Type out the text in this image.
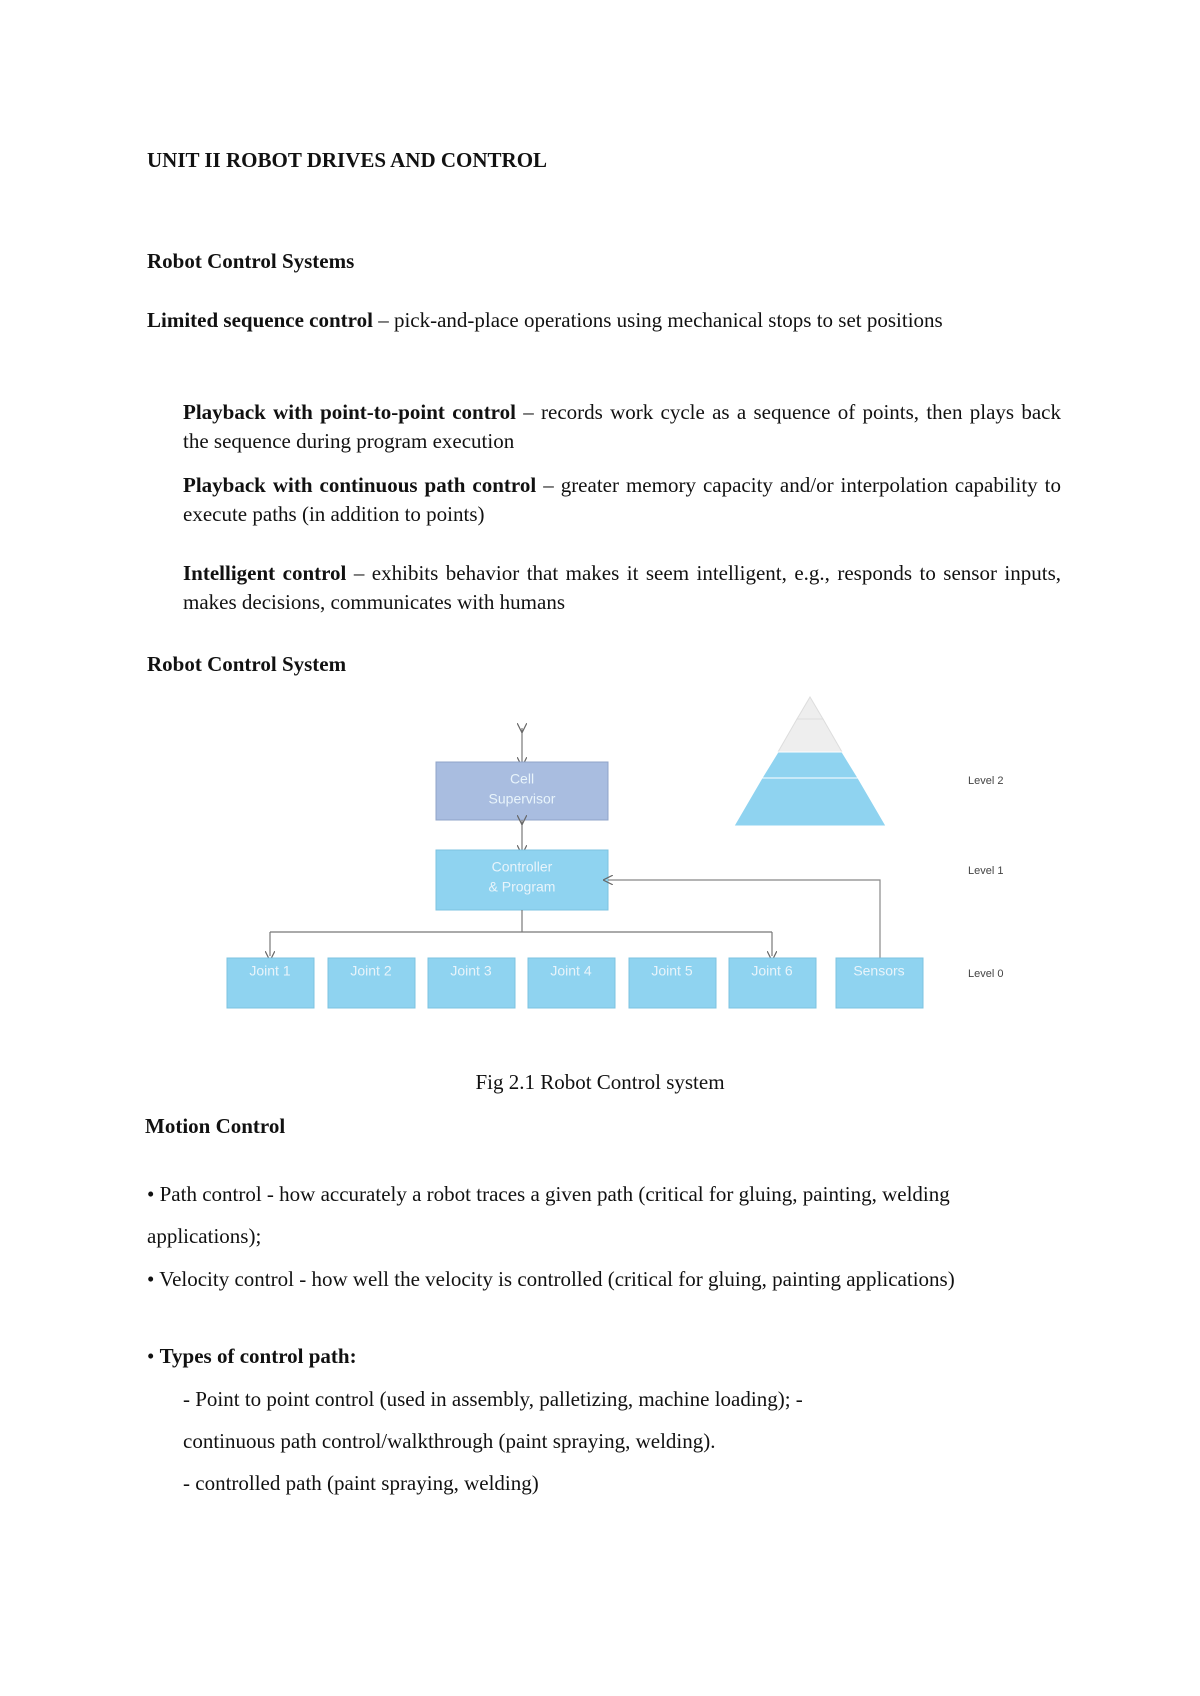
UNIT II ROBOT DRIVES AND CONTROL
Robot Control Systems

Limited sequence control – pick-and-place operations using mechanical stops to set positions

Playback with point-to-point control – records work cycle as a sequence of points, then plays back the sequence during program execution

Playback with continuous path control – greater memory capacity and/or interpolation capability to execute paths (in addition to points)

Intelligent control – exhibits behavior that makes it seem intelligent, e.g., responds to sensor inputs, makes decisions, communicates with humans

Robot Control System
Cell
Supervisor
Controller
& Program
Joint 1	Joint 2	Joint 3	Joint 4	Joint 5	Joint 6	Sensors
Level 2
Level 1
Level 0
Fig 2.1 Robot Control system
Motion Control
• Path control - how accurately a robot traces a given path (critical for gluing, painting, welding applications);
• Velocity control - how well the velocity is controlled (critical for gluing, painting applications)
• Types of control path:
- Point to point control (used in assembly, palletizing, machine loading); -
continuous path control/walkthrough (paint spraying, welding).
- controlled path (paint spraying, welding)
